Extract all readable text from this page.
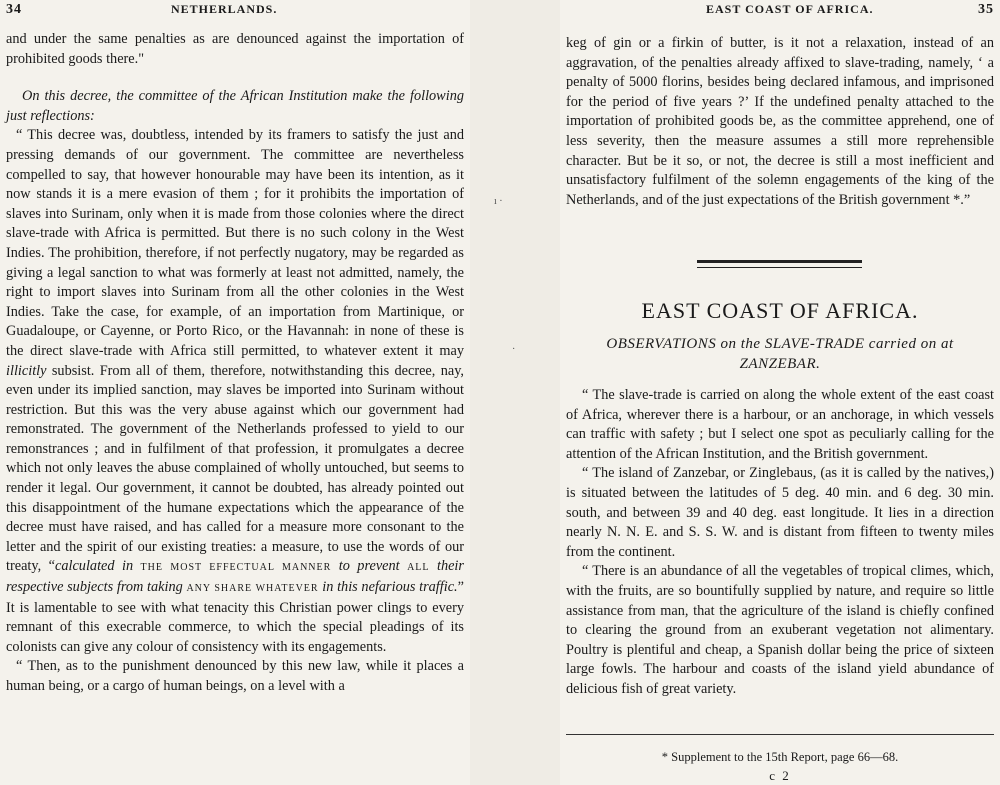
34	NETHERLANDS.

and under the same penalties as are denounced against the importation of prohibited goods there."

On this decree, the committee of the African Institution make the following just reflections:

“ This decree was, doubtless, intended by its framers to satisfy the just and pressing demands of our government. The committee are nevertheless compelled to say, that however honourable may have been its intention, as it now stands it is a mere evasion of them ; for it prohibits the importation of slaves into Surinam, only when it is made from those colonies where the direct slave-trade with Africa is permitted. But there is no such colony in the West Indies. The prohibition, therefore, if not perfectly nugatory, may be regarded as giving a legal sanction to what was formerly at least not admitted, namely, the right to import slaves into Surinam from all the other colonies in the West Indies. Take the case, for example, of an importation from Martinique, or Guadaloupe, or Cayenne, or Porto Rico, or the Havannah: in none of these is the direct slave-trade with Africa still permitted, to whatever extent it may illicitly subsist. From all of them, therefore, notwithstanding this decree, nay, even under its implied sanction, may slaves be imported into Surinam without restriction. But this was the very abuse against which our government had remonstrated. The government of the Netherlands professed to yield to our remonstrances ; and in fulfilment of that profession, it promulgates a decree which not only leaves the abuse complained of wholly untouched, but seems to render it legal. Our government, it cannot be doubted, has already pointed out this disappointment of the humane expectations which the appearance of the decree must have raised, and has called for a measure more consonant to the letter and the spirit of our existing treaties: a measure, to use the words of our treaty, “calculated in THE MOST EFFECTUAL MANNER to prevent ALL their respective subjects from taking ANY SHARE WHATEVER in this nefarious traffic.” It is lamentable to see with what tenacity this Christian power clings to every remnant of this execrable commerce, to which the special pleadings of its colonists can give any colour of consistency with its engagements.

“ Then, as to the punishment denounced by this new law, while it places a human being, or a cargo of human beings, on a level with a

ı ·
·
EAST COAST OF AFRICA.	35

keg of gin or a firkin of butter, is it not a relaxation, instead of an aggravation, of the penalties already affixed to slave-trading, namely, ‘ a penalty of 5000 florins, besides being declared infamous, and imprisoned for the period of five years ?’ If the undefined penalty attached to the importation of prohibited goods be, as the committee apprehend, one of less severity, then the measure assumes a still more reprehensible character. But be it so, or not, the decree is still a most inefficient and unsatisfactory fulfilment of the solemn engagements of the king of the Netherlands, and of the just expectations of the British government *.”

EAST COAST OF AFRICA.
OBSERVATIONS on the SLAVE-TRADE carried on at ZANZEBAR.

“ The slave-trade is carried on along the whole extent of the east coast of Africa, wherever there is a harbour, or an anchorage, in which vessels can traffic with safety ; but I select one spot as peculiarly calling for the attention of the African Institution, and the British government.

“ The island of Zanzebar, or Zinglebaus, (as it is called by the natives,) is situated between the latitudes of 5 deg. 40 min. and 6 deg. 30 min. south, and between 39 and 40 deg. east longitude. It lies in a direction nearly N. N. E. and S. S. W. and is distant from fifteen to twenty miles from the continent.

“ There is an abundance of all the vegetables of tropical climes, which, with the fruits, are so bountifully supplied by nature, and require so little assistance from man, that the agriculture of the island is chiefly confined to clearing the ground from an exuberant vegetation not alimentary. Poultry is plentiful and cheap, a Spanish dollar being the price of sixteen large fowls. The harbour and coasts of the island yield abundance of delicious fish of great variety.

* Supplement to the 15th Report, page 66—68.
c 2
